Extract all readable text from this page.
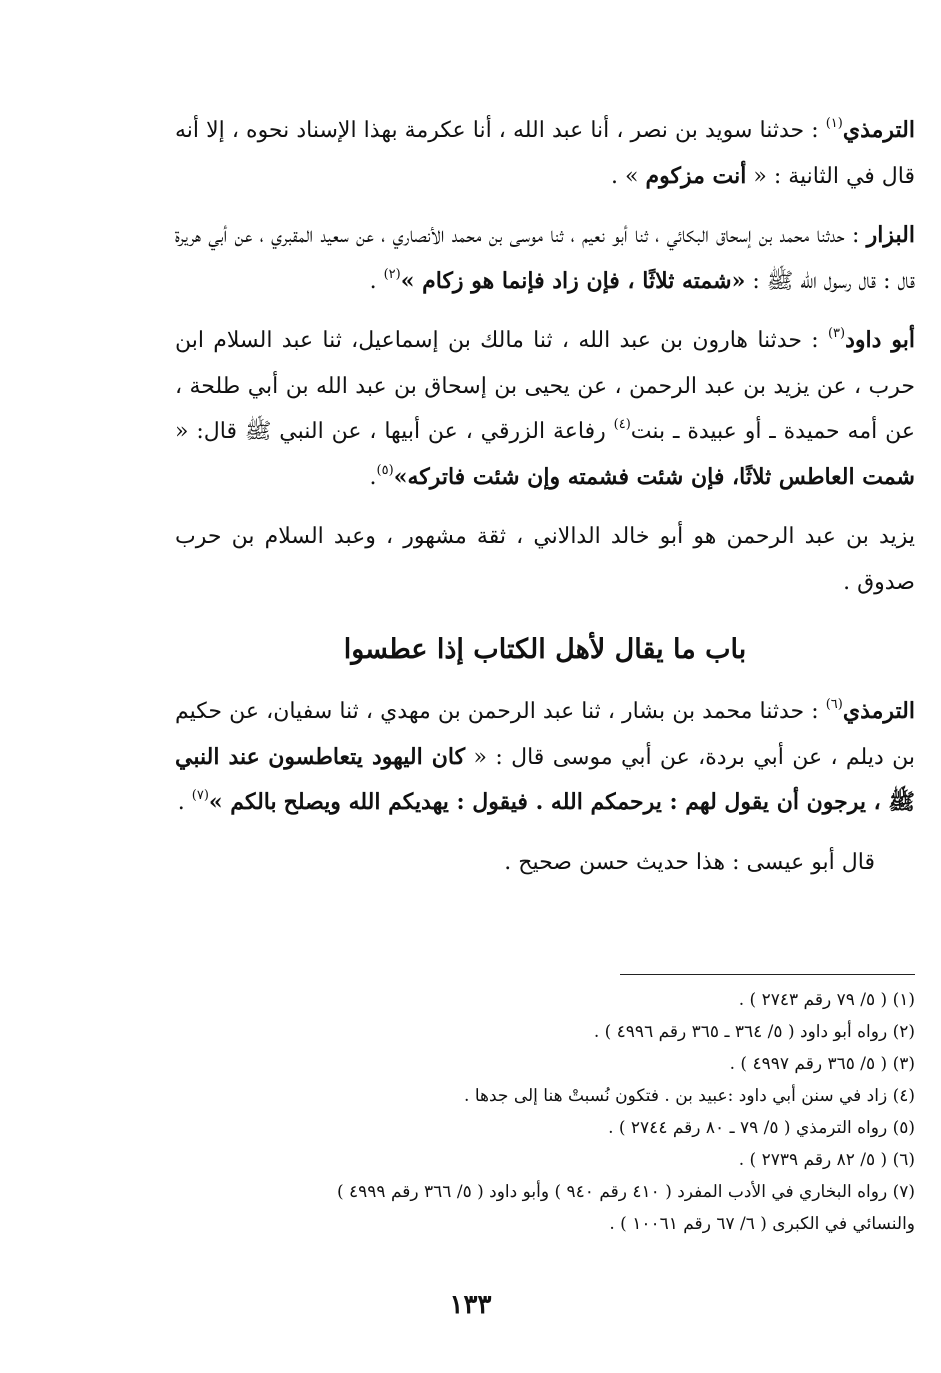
الترمذي$^{(١)}$ : حدثنا سويد بن نصر ، أنا عبد الله ، أنا عكرمة بهذا الإسناد نحوه ، إلا أنه قال في الثانية : « أنت مزكوم » .
البزار : حدثنا محمد بن إسحاق البكائي ، ثنا أبو نعيم ، ثنا موسى بن محمد الأنصاري ، عن سعيد المقبري ، عن أبي هريرة قال : قال رسول الله ﷺ : «شمته ثلاثًا ، فإن زاد فإنما هو زكام »$^{(٢)}$ .
أبو داود$^{(٣)}$ : حدثنا هارون بن عبد الله ، ثنا مالك بن إسماعيل، ثنا عبد السلام ابن حرب ، عن يزيد بن عبد الرحمن ، عن يحيى بن إسحاق بن عبد الله بن أبي طلحة ، عن أمه حميدة ـ أو عبيدة ـ بنت$^{(٤)}$ رفاعة الزرقي ، عن أبيها ، عن النبي ﷺ قال: « شمت العاطس ثلاثًا، فإن شئت فشمته وإن شئت فاتركه»$^{(٥)}$.
يزيد بن عبد الرحمن هو أبو خالد الدالاني ، ثقة مشهور ، وعبد السلام بن حرب صدوق .
باب ما يقال لأهل الكتاب إذا عطسوا
الترمذي$^{(٦)}$ : حدثنا محمد بن بشار ، ثنا عبد الرحمن بن مهدي ، ثنا سفيان، عن حكيم بن ديلم ، عن أبي بردة، عن أبي موسى قال : « كان اليهود يتعاطسون عند النبي ﷺ ، يرجون أن يقول لهم : يرحمكم الله . فيقول : يهديكم الله ويصلح بالكم »$^{(٧)}$ .
قال أبو عيسى : هذا حديث حسن صحيح .
(١) ( ٥/ ٧٩ رقم ٢٧٤٣ ) .
(٢) رواه أبو داود ( ٥/ ٣٦٤ ـ ٣٦٥ رقم ٤٩٩٦ ) .
(٣) ( ٥/ ٣٦٥ رقم ٤٩٩٧ ) .
(٤) زاد في سنن أبي داود :عبيد بن . فتكون نُسبتْ هنا إلى جدها .
(٥) رواه الترمذي ( ٥/ ٧٩ ـ ٨٠ رقم ٢٧٤٤ ) .
(٦) ( ٥/ ٨٢ رقم ٢٧٣٩ ) .
(٧) رواه البخاري في الأدب المفرد ( ٤١٠ رقم ٩٤٠ ) وأبو داود ( ٥/ ٣٦٦ رقم ٤٩٩٩ )
والنسائي في الكبرى ( ٦/ ٦٧ رقم ١٠٠٦١ ) .
١٣٣
